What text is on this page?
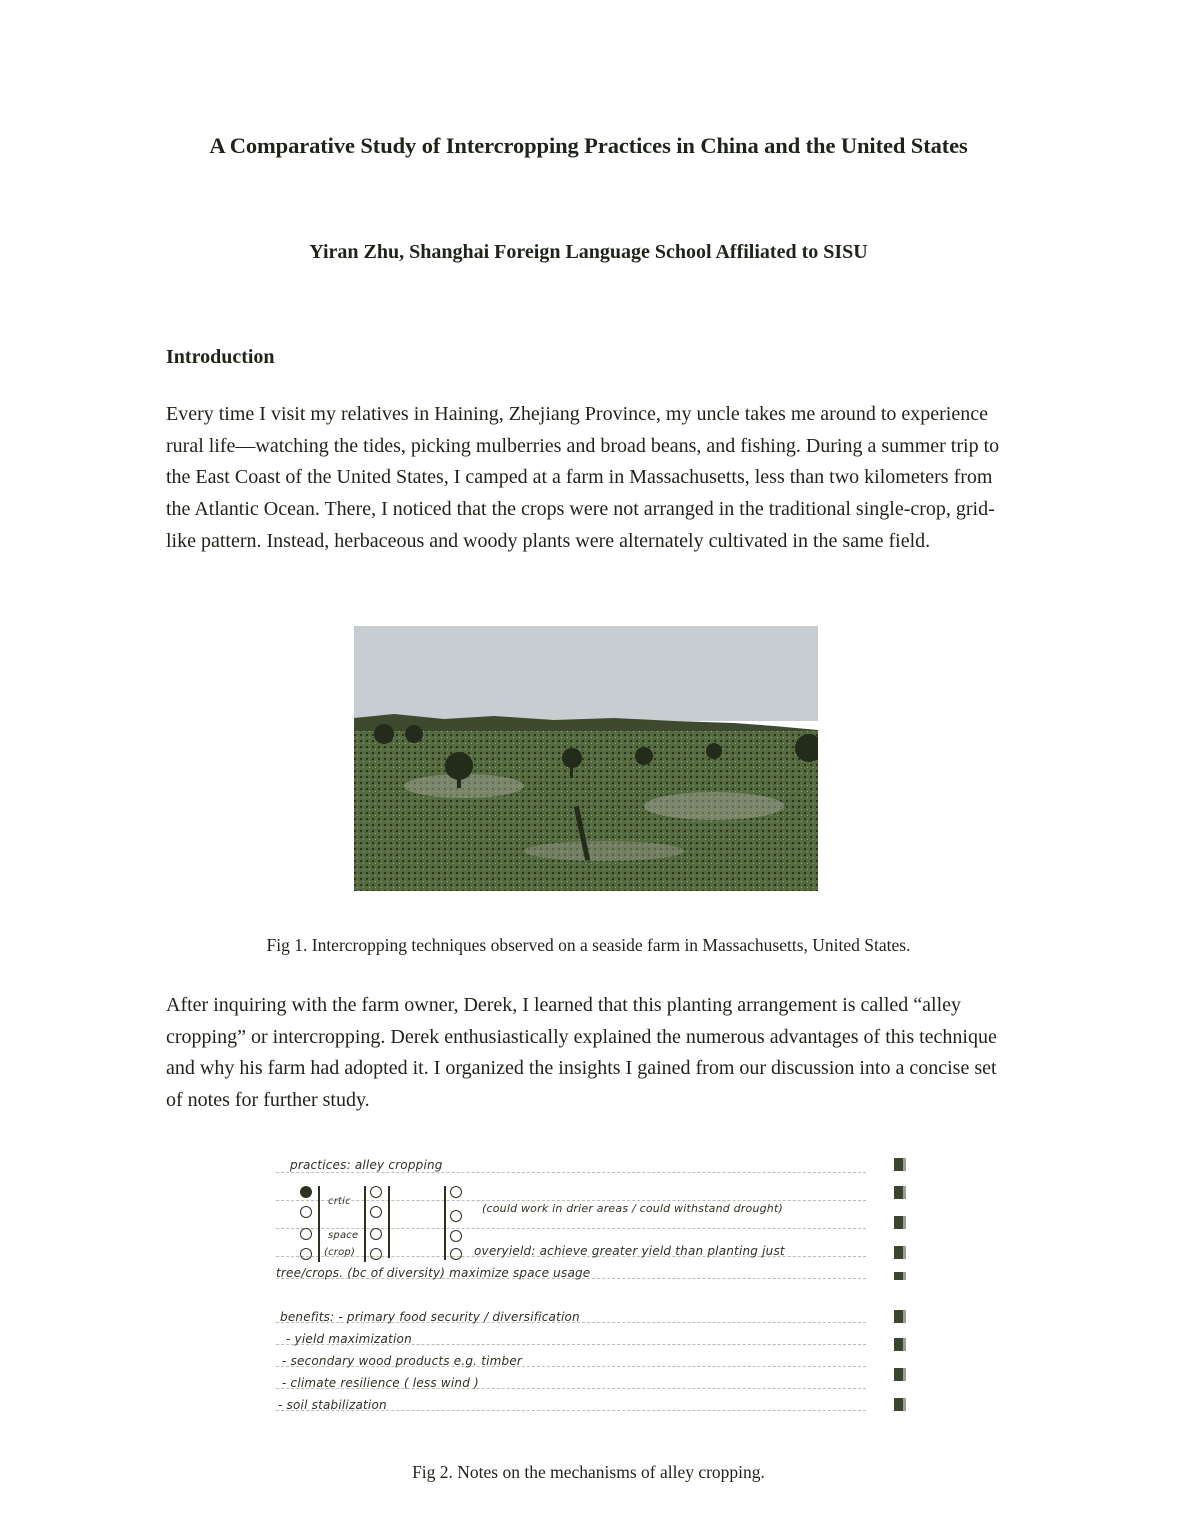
A Comparative Study of Intercropping Practices in China and the United States
Yiran Zhu, Shanghai Foreign Language School Affiliated to SISU
Introduction

Every time I visit my relatives in Haining, Zhejiang Province, my uncle takes me around to experience rural life—watching the tides, picking mulberries and broad beans, and fishing. During a summer trip to the East Coast of the United States, I camped at a farm in Massachusetts, less than two kilometers from the Atlantic Ocean. There, I noticed that the crops were not arranged in the traditional single-crop, grid-like pattern. Instead, herbaceous and woody plants were alternately cultivated in the same field.

Fig 1. Intercropping techniques observed on a seaside farm in Massachusetts, United States.

After inquiring with the farm owner, Derek, I learned that this planting arrangement is called “alley cropping” or intercropping. Derek enthusiastically explained the numerous advantages of this technique and why his farm had adopted it. I organized the insights I gained from our discussion into a concise set of notes for further study.

practices: alley cropping
crtic
space
(crop)
(could work in drier areas / could withstand drought)
overyield: achieve greater yield than planting just
tree/crops. (bc of diversity) maximize space usage
benefits: - primary food security / diversification
- yield maximization
- secondary wood products e.g. timber
- climate resilience ( less wind )
- soil stabilization
Fig 2. Notes on the mechanisms of alley cropping.
